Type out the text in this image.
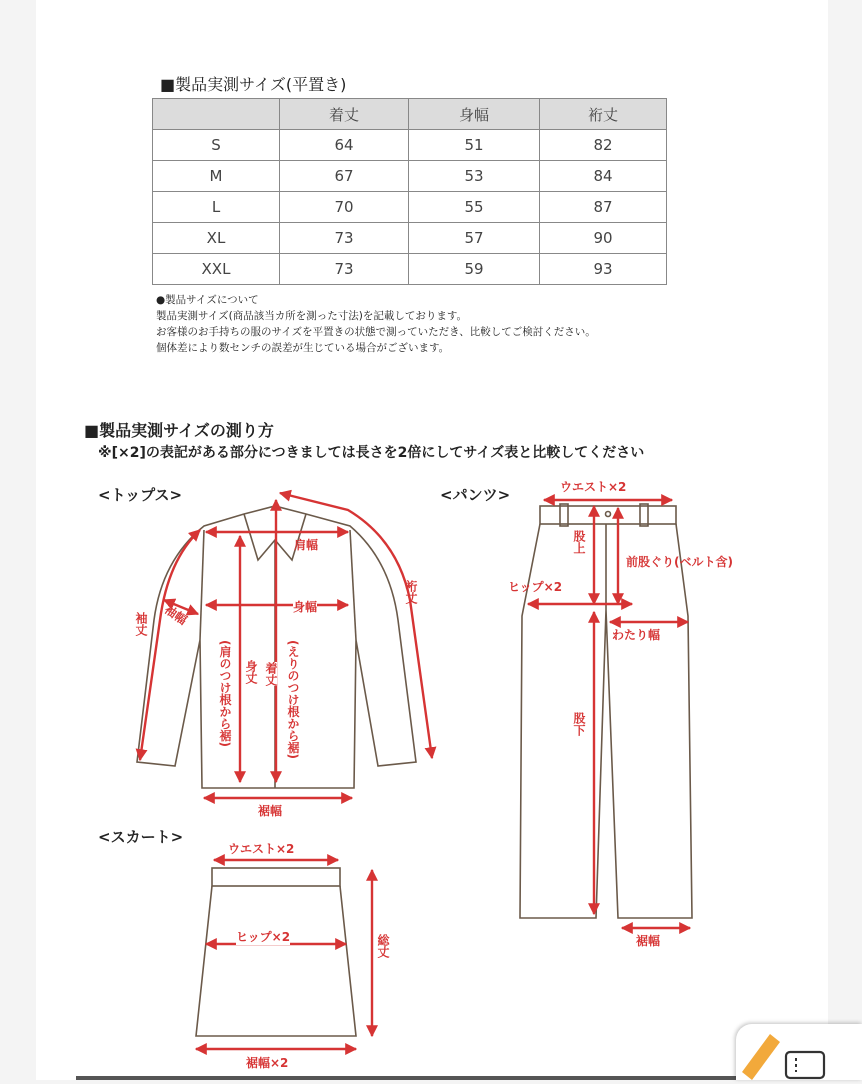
■製品実測サイズ(平置き)
	着丈	身幅	裄丈
S	64	51	82
M	67	53	84
L	70	55	87
XL	73	57	90
XXL	73	59	93
●製品サイズについて
製品実測サイズ(商品該当カ所を測った寸法)を記載しております。
お客様のお手持ちの服のサイズを平置きの状態で測っていただき、比較してご検討ください。
個体差により数センチの誤差が生じている場合がございます。
■製品実測サイズの測り方
※[×2]の表記がある部分につきましては長さを2倍にしてサイズ表と比較してください
<トップス>	<パンツ>
<スカート>
肩幅
身幅
裄丈
袖丈 袖幅
身丈
(肩のつけ根から裾)	着丈 (えりのつけ根から裾)
裾幅
ウエスト×2
股上
前股ぐり(ベルト含)
ヒップ×2
わたり幅
股下
裾幅
ウエスト×2
ヒップ×2	総丈
裾幅×2
